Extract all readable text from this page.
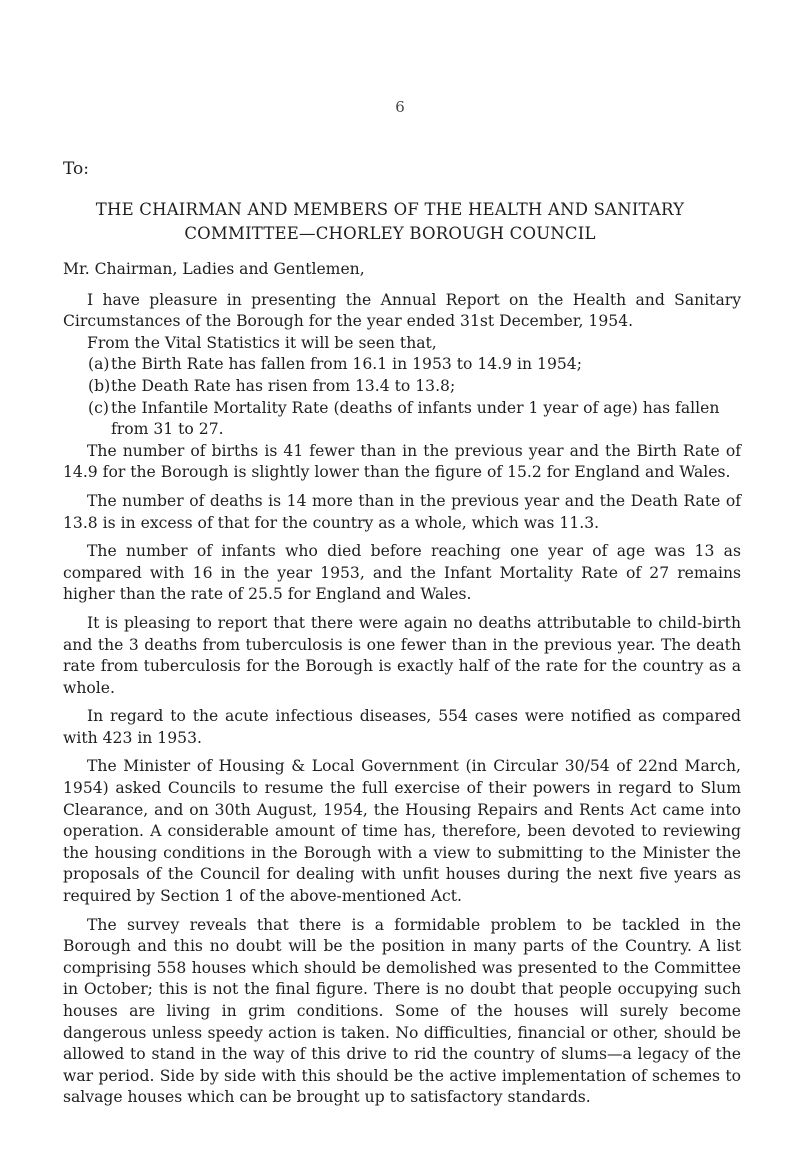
6
To:
THE CHAIRMAN AND MEMBERS OF THE HEALTH AND SANITARY
COMMITTEE—CHORLEY BOROUGH COUNCIL

Mr. Chairman, Ladies and Gentlemen,

I have pleasure in presenting the Annual Report on the Health and Sanitary Circumstances of the Borough for the year ended 31st December, 1954.

From the Vital Statistics it will be seen that,

(a) the Birth Rate has fallen from 16.1 in 1953 to 14.9 in 1954;
(b) the Death Rate has risen from 13.4 to 13.8;
(c) the Infantile Mortality Rate (deaths of infants under 1 year of age) has fallen from 31 to 27.

The number of births is 41 fewer than in the previous year and the Birth Rate of 14.9 for the Borough is slightly lower than the figure of 15.2 for England and Wales.

The number of deaths is 14 more than in the previous year and the Death Rate of 13.8 is in excess of that for the country as a whole, which was 11.3.

The number of infants who died before reaching one year of age was 13 as compared with 16 in the year 1953, and the Infant Mortality Rate of 27 remains higher than the rate of 25.5 for England and Wales.

It is pleasing to report that there were again no deaths attributable to child-birth and the 3 deaths from tuberculosis is one fewer than in the previous year. The death rate from tuberculosis for the Borough is exactly half of the rate for the country as a whole.

In regard to the acute infectious diseases, 554 cases were notified as compared with 423 in 1953.

The Minister of Housing & Local Government (in Circular 30/54 of 22nd March, 1954) asked Councils to resume the full exercise of their powers in regard to Slum Clearance, and on 30th August, 1954, the Housing Repairs and Rents Act came into operation. A considerable amount of time has, therefore, been devoted to reviewing the housing conditions in the Borough with a view to submitting to the Minister the proposals of the Council for dealing with unfit houses during the next five years as required by Section 1 of the above-mentioned Act.

The survey reveals that there is a formidable problem to be tackled in the Borough and this no doubt will be the position in many parts of the Country. A list comprising 558 houses which should be demolished was presented to the Committee in October; this is not the final figure. There is no doubt that people occupying such houses are living in grim conditions. Some of the houses will surely become dangerous unless speedy action is taken. No difficulties, financial or other, should be allowed to stand in the way of this drive to rid the country of slums—a legacy of the war period. Side by side with this should be the active implementation of schemes to salvage houses which can be brought up to satisfactory standards.
